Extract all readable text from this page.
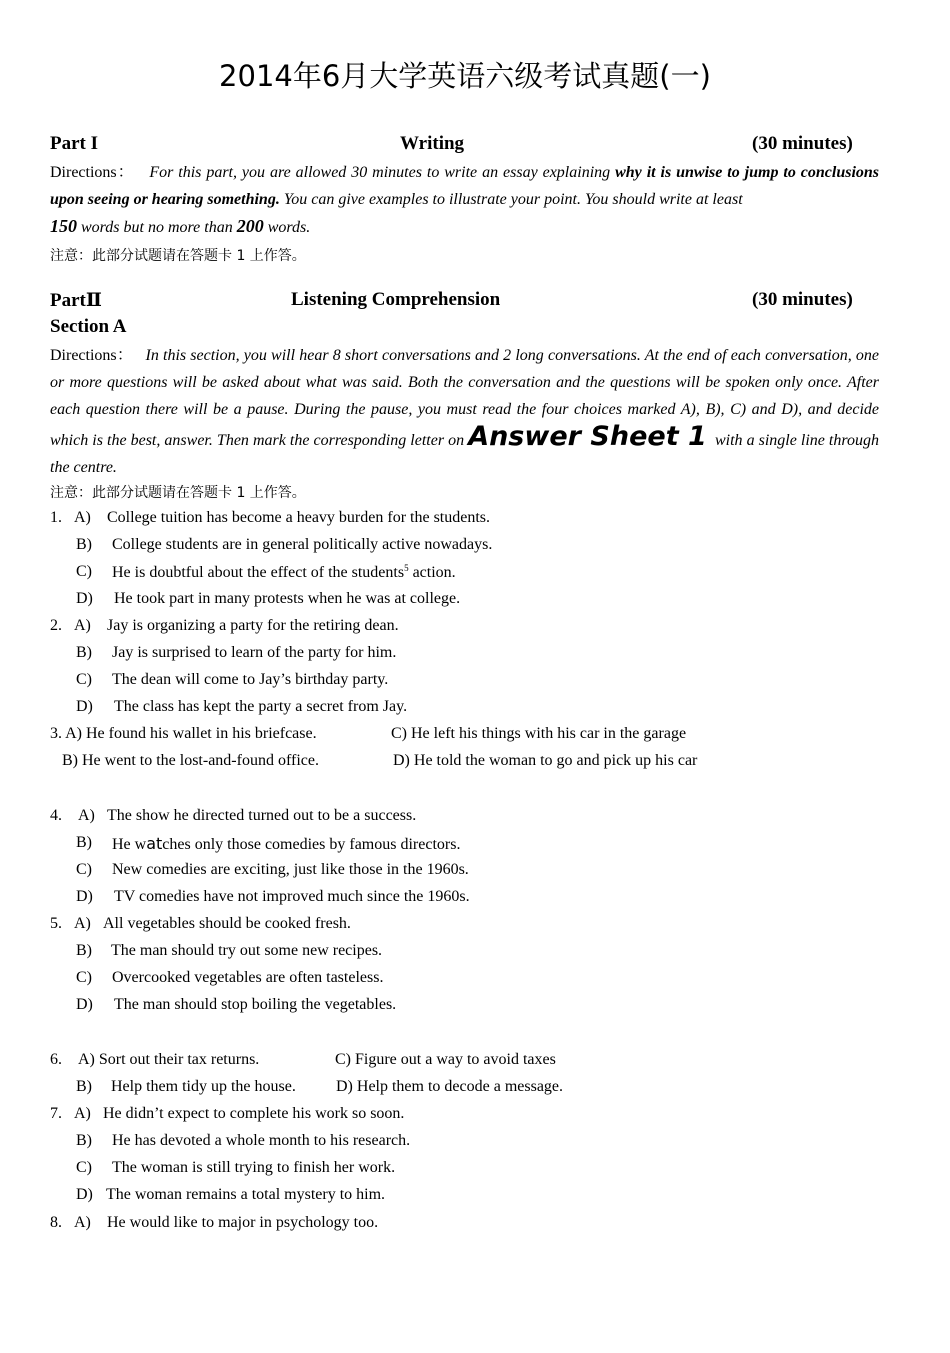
2014年6月大学英语六级考试真题(一)
Part I	Writing	(30 minutes)
Directions： For this part, you are allowed 30 minutes to write an essay explaining why it is unwise to jump to conclusions upon seeing or hearing something. You can give examples to illustrate your point. You should write at least
150 words but no more than 200 words.
注意：此部分试题请在答题卡 1 上作答。
PartⅡ	Listening Comprehension	(30 minutes)
Section A
Directions： In this section, you will hear 8 short conversations and 2 long conversations. At the end of each conversation, one or more questions will be asked about what was said. Both the conversation and the questions will be spoken only once. After each question there will be a pause. During the pause, you must read the four choices marked A), B), C) and D), and decide which is the best, answer. Then mark the corresponding letter on Answer Sheet 1 with a single line through the centre.
注意：此部分试题请在答题卡 1 上作答。
1. A) College tuition has become a heavy burden for the students.
B) College students are in general politically active nowadays.
C) He is doubtful about the effect of the students$^5$ action.
D) He took part in many protests when he was at college.
2. A) Jay is organizing a party for the retiring dean.
B) Jay is surprised to learn of the party for him.
C) The dean will come to Jay’s birthday party.
D) The class has kept the party a secret from Jay.
3. A) He found his wallet in his briefcase.	C) He left his things with his car in the garage
B) He went to the lost-and-found office.	D) He told the woman to go and pick up his car
4. A) The show he directed turned out to be a success.
B) He watches only those comedies by famous directors.
C) New comedies are exciting, just like those in the 1960s.
D) TV comedies have not improved much since the 1960s.
5. A) All vegetables should be cooked fresh.
B) The man should try out some new recipes.
C) Overcooked vegetables are often tasteless.
D) The man should stop boiling the vegetables.
6. A) Sort out their tax returns.	C) Figure out a way to avoid taxes
B) Help them tidy up the house.	D) Help them to decode a message.
7. A) He didn’t expect to complete his work so soon.
B) He has devoted a whole month to his research.
C) The woman is still trying to finish her work.
D) The woman remains a total mystery to him.
8. A) He would like to major in psychology too.
